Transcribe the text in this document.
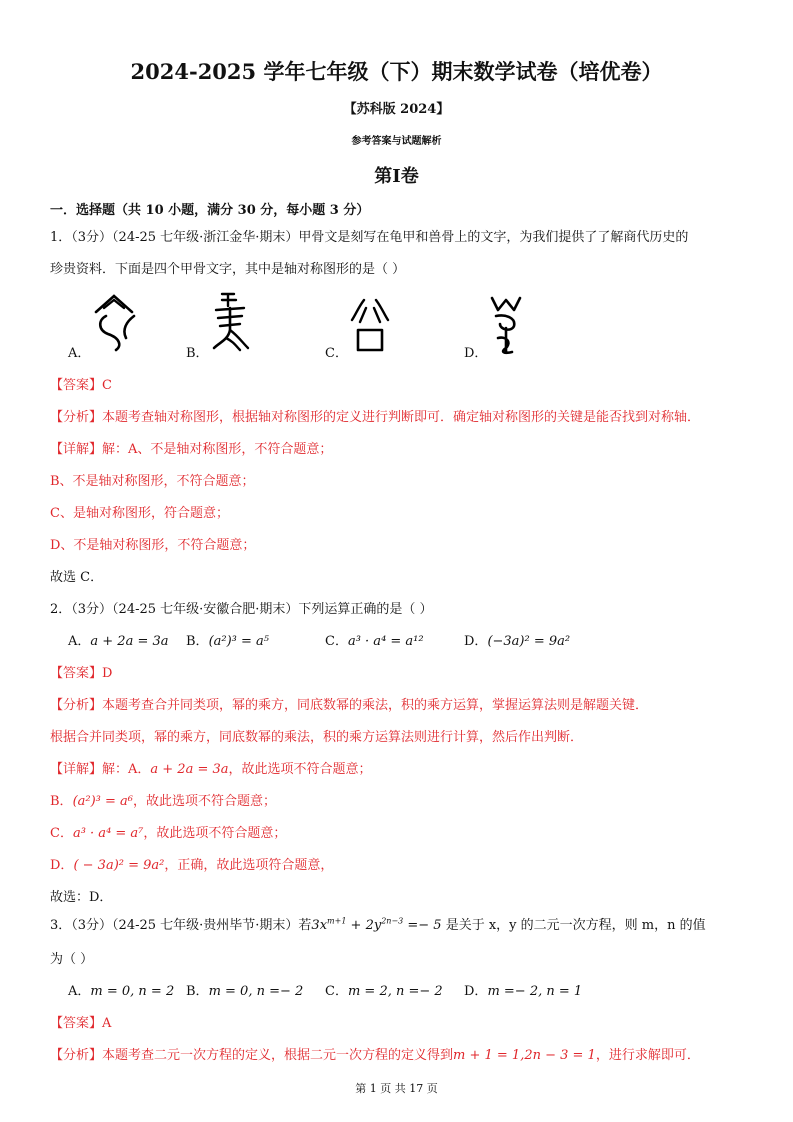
2024-2025 学年七年级（下）期末数学试卷（培优卷）
【苏科版 2024】
参考答案与试题解析
第I卷
一．选择题（共 10 小题，满分 30 分，每小题 3 分）
1．（3分）（24-25 七年级·浙江金华·期末）甲骨文是刻写在龟甲和兽骨上的文字，为我们提供了了解商代历史的
珍贵资料．下面是四个甲骨文字，其中是轴对称图形的是（ ）
A．	B．	C．	D．
【答案】C
【分析】本题考查轴对称图形，根据轴对称图形的定义进行判断即可．确定轴对称图形的关键是能否找到对称轴．
【详解】解：A、不是轴对称图形，不符合题意；
B、不是轴对称图形，不符合题意；
C、是轴对称图形，符合题意；
D、不是轴对称图形，不符合题意；
故选 C．
2．（3分）（24-25 七年级·安徽合肥·期末）下列运算正确的是（ ）
A．a + 2a = 3a B．(a²)³ = a⁵	C．a³ · a⁴ = a¹²	D．(−3a)² = 9a²
【答案】D
【分析】本题考查合并同类项，幂的乘方，同底数幂的乘法，积的乘方运算，掌握运算法则是解题关键．
根据合并同类项，幂的乘方，同底数幂的乘法，积的乘方运算法则进行计算，然后作出判断．
【详解】解：A．a + 2a = 3a，故此选项不符合题意；
B．(a²)³ = a⁶，故此选项不符合题意；
C．a³ · a⁴ = a⁷，故此选项不符合题意；
D．( − 3a)² = 9a²，正确，故此选项符合题意，
故选：D．
3．（3分）（24-25 七年级·贵州毕节·期末）若$3x^{m+1} + 2y^{2n-3} =- 5$ 是关于 x，y 的二元一次方程，则 m，n 的值
为（ ）
A．m = 0, n = 2 B．m = 0, n =− 2 C．m = 2, n =− 2 D．m =− 2, n = 1
【答案】A
【分析】本题考查二元一次方程的定义，根据二元一次方程的定义得到m + 1 = 1,2n − 3 = 1，进行求解即可．
第 1 页 共 17 页
